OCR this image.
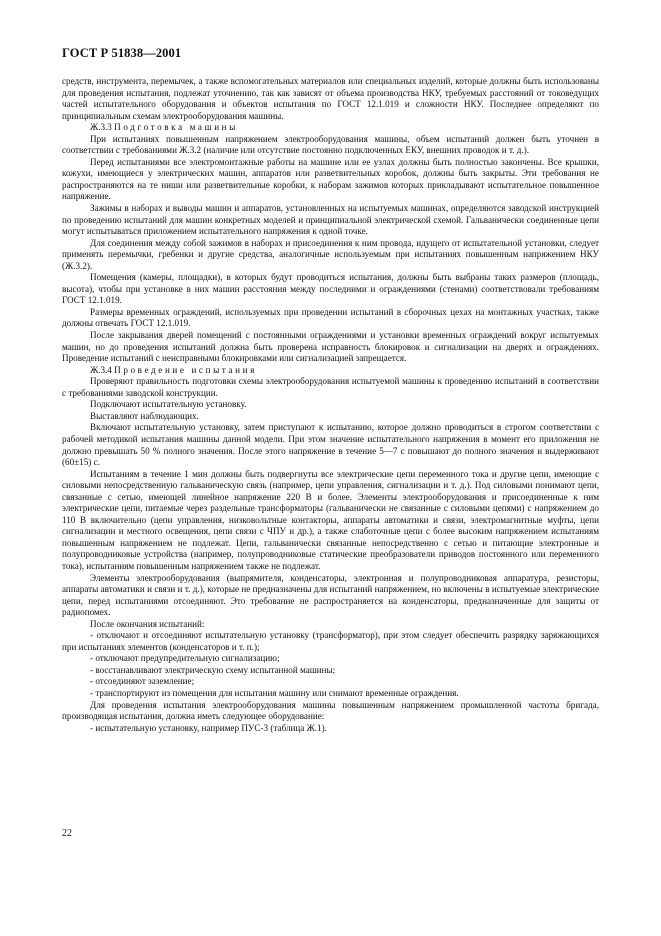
ГОСТ Р 51838—2001

средств, инструмента, перемычек, а также вспомогательных материалов или специальных изделий, которые должны быть использованы для проведения испытания, подлежат уточнению, так как зависят от объема производства НКУ, требуемых расстояний от токоведущих частей испытательного оборудования и объектов испытания по ГОСТ 12.1.019 и сложности НКУ. Последнее определяют по принципиальным схемам электрооборудования машины.

Ж.3.3 Подготовка машины

При испытаниях повышенным напряжением электрооборудования машины, объем испытаний должен быть уточнен в соответствии с требованиями Ж.3.2 (наличие или отсутствие постоянно подключенных ЕКУ, внешних проводок и т. д.).

Перед испытаниями все электромонтажные работы на машине или ее узлах должны быть полностью закончены. Все крышки, кожухи, имеющиеся у электрических машин, аппаратов или разветвительных коробок, должны быть закрыты. Эти требования не распространяются на те ниши или разветвительные коробки, к наборам зажимов которых прикладывают испытательное повышенное напряжение.

Зажимы в наборах и выводы машин и аппаратов, установленных на испытуемых машинах, определяются заводской инструкцией по проведению испытаний для машин конкретных моделей и принципиальной электрической схемой. Гальванически соединенные цепи могут испытываться приложением испытательного напряжения к одной точке.

Для соединения между собой зажимов в наборах и присоединения к ним провода, идущего от испытательной установки, следует применять перемычки, гребенки и другие средства, аналогичные используемым при испытаниях повышенным напряжением НКУ (Ж.3.2).

Помещения (камеры, площадки), в которых будут проводиться испытания, должны быть выбраны таких размеров (площадь, высота), чтобы при установке в них машин расстояния между последними и ограждениями (стенами) соответствовали требованиям ГОСТ 12.1.019.

Размеры временных ограждений, используемых при проведении испытаний в сборочных цехах на монтажных участках, также должны отвечать ГОСТ 12.1.019.

После закрывания дверей помещений с постоянными ограждениями и установки временных ограждений вокруг испытуемых машин, но до проведения испытаний должна быть проверена исправность блокировок и сигнализации на дверях и ограждениях. Проведение испытаний с неисправными блокировками или сигнализацией запрещается.

Ж.3.4 Проведение испытания

Проверяют правильность подготовки схемы электрооборудования испытуемой машины к проведению испытаний в соответствии с требованиями заводской конструкции.

Подключают испытательную установку.

Выставляют наблюдающих.

Включают испытательную установку, затем приступают к испытанию, которое должно проводиться в строгом соответствии с рабочей методикой испытания машины данной модели. При этом значение испытательного напряжения в момент его приложения не должно превышать 50 % полного значения. После этого напряжение в течение 5—7 с повышают до полного значения и выдерживают (60±15) с.

Испытаниям в течение 1 мин должны быть подвергнуты все электрические цепи переменного тока и другие цепи, имеющие с силовыми непосредственную гальваническую связь (например, цепи управления, сигнализации и т. д.). Под силовыми понимают цепи, связанные с сетью, имеющей линейное напряжение 220 В и более. Элементы электрооборудования и присоединенные к ним электрические цепи, питаемые через раздельные трансформаторы (гальванически не связанные с силовыми цепями) с напряжением до 110 В включительно (цепи управления, низковольтные контакторы, аппараты автоматики и связи, электромагнитные муфты, цепи сигнализации и местного освещения, цепи связи с ЧПУ и др.), а также слаботочные цепи с более высоким напряжением испытаниям повышенным напряжением не подлежат. Цепи, гальванически связанные непосредственно с сетью и питающие электронные и полупроводниковые устройства (например, полупроводниковые статические преобразователи приводов постоянного или переменного тока), испытаниям повышенным напряжением также не подлежат.

Элементы электрооборудования (выпрямителя, конденсаторы, электронная и полупроводниковая аппаратура, резисторы, аппараты автоматики и связи и т. д.), которые не предназначены для испытаний напряжением, но включены в испытуемые электрические цепи, перед испытаниями отсоединяют. Это требование не распространяется на конденсаторы, предназначенные для защиты от радиопомех.

После окончания испытаний:

- отключают и отсоединяют испытательную установку (трансформатор), при этом следует обеспечить разрядку заряжающихся при испытаниях элементов (конденсаторов и т. п.);

- отключают предупредительную сигнализацию;

- восстанавливают электрическую схему испытанной машины;

- отсоединяют заземление;

- транспортируют из помещения для испытания машину или снимают временные ограждения.

Для проведения испытания электрооборудования машины повышенным напряжением промышленной частоты бригада, производящая испытания, должна иметь следующее оборудование:

- испытательную установку, например ПУС-3 (таблица Ж.1).

22
